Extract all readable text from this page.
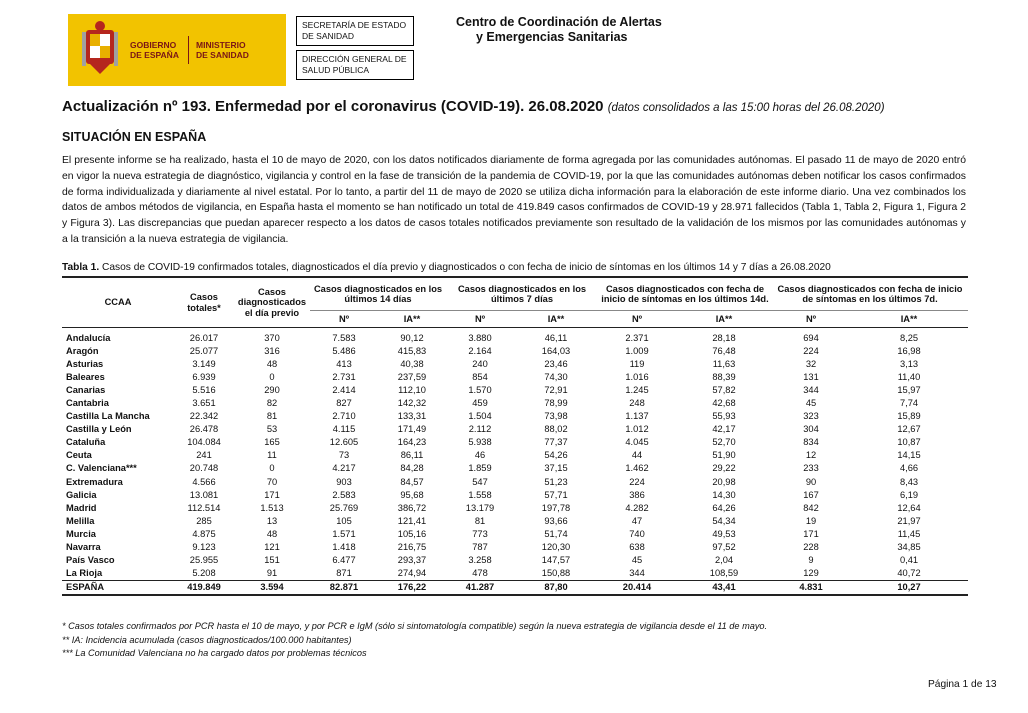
GOBIERNO
DE ESPAÑA
MINISTERIO
DE SANIDAD
SECRETARÍA DE ESTADO
DE SANIDAD
DIRECCIÓN GENERAL DE
SALUD PÚBLICA
Centro de Coordinación de Alertas
y Emergencias Sanitarias
Actualización nº 193. Enfermedad por el coronavirus (COVID-19). 26.08.2020 (datos consolidados a las 15:00 horas del 26.08.2020)
SITUACIÓN EN ESPAÑA

El presente informe se ha realizado, hasta el 10 de mayo de 2020, con los datos notificados diariamente de forma agregada por las comunidades autónomas. El pasado 11 de mayo de 2020 entró en vigor la nueva estrategia de diagnóstico, vigilancia y control en la fase de transición de la pandemia de COVID-19, por la que las comunidades autónomas deben notificar los casos confirmados de forma individualizada y diariamente al nivel estatal. Por lo tanto, a partir del 11 de mayo de 2020 se utiliza dicha información para la elaboración de este informe diario. Una vez combinados los datos de ambos métodos de vigilancia, en España hasta el momento se han notificado un total de 419.849 casos confirmados de COVID-19 y 28.971 fallecidos (Tabla 1, Tabla 2, Figura 1, Figura 2 y Figura 3). Las discrepancias que puedan aparecer respecto a los datos de casos totales notificados previamente son resultado de la validación de los mismos por las comunidades autónomas y a la transición a la nueva estrategia de vigilancia.

Tabla 1. Casos de COVID-19 confirmados totales, diagnosticados el día previo y diagnosticados o con fecha de inicio de síntomas en los últimos 14 y 7 días a 26.08.2020
CCAA	Casos totales*	Casos diagnosticados el día previo	Casos diagnosticados en los últimos 14 días		Casos diagnosticados en los últimos 7 días		Casos diagnosticados con fecha de inicio de síntomas en los últimos 14d.		Casos diagnosticados con fecha de inicio de síntomas en los últimos 7d.	
			Nº	IA**	Nº	IA**	Nº	IA**	Nº	IA**
Andalucía	26.017	370	7.583	90,12	3.880	46,11	2.371	28,18	694	8,25
Aragón	25.077	316	5.486	415,83	2.164	164,03	1.009	76,48	224	16,98
Asturias	3.149	48	413	40,38	240	23,46	119	11,63	32	3,13
Baleares	6.939	0	2.731	237,59	854	74,30	1.016	88,39	131	11,40
Canarias	5.516	290	2.414	112,10	1.570	72,91	1.245	57,82	344	15,97
Cantabria	3.651	82	827	142,32	459	78,99	248	42,68	45	7,74
Castilla La Mancha	22.342	81	2.710	133,31	1.504	73,98	1.137	55,93	323	15,89
Castilla y León	26.478	53	4.115	171,49	2.112	88,02	1.012	42,17	304	12,67
Cataluña	104.084	165	12.605	164,23	5.938	77,37	4.045	52,70	834	10,87
Ceuta	241	11	73	86,11	46	54,26	44	51,90	12	14,15
C. Valenciana***	20.748	0	4.217	84,28	1.859	37,15	1.462	29,22	233	4,66
Extremadura	4.566	70	903	84,57	547	51,23	224	20,98	90	8,43
Galicia	13.081	171	2.583	95,68	1.558	57,71	386	14,30	167	6,19
Madrid	112.514	1.513	25.769	386,72	13.179	197,78	4.282	64,26	842	12,64
Melilla	285	13	105	121,41	81	93,66	47	54,34	19	21,97
Murcia	4.875	48	1.571	105,16	773	51,74	740	49,53	171	11,45
Navarra	9.123	121	1.418	216,75	787	120,30	638	97,52	228	34,85
País Vasco	25.955	151	6.477	293,37	3.258	147,57	45	2,04	9	0,41
La Rioja	5.208	91	871	274,94	478	150,88	344	108,59	129	40,72
ESPAÑA	419.849	3.594	82.871	176,22	41.287	87,80	20.414	43,41	4.831	10,27
* Casos totales confirmados por PCR hasta el 10 de mayo, y por PCR e IgM (sólo si sintomatología compatible) según la nueva estrategia de vigilancia desde el 11 de mayo.
** IA: Incidencia acumulada (casos diagnosticados/100.000 habitantes)
*** La Comunidad Valenciana no ha cargado datos por problemas técnicos
Página 1 de 13
